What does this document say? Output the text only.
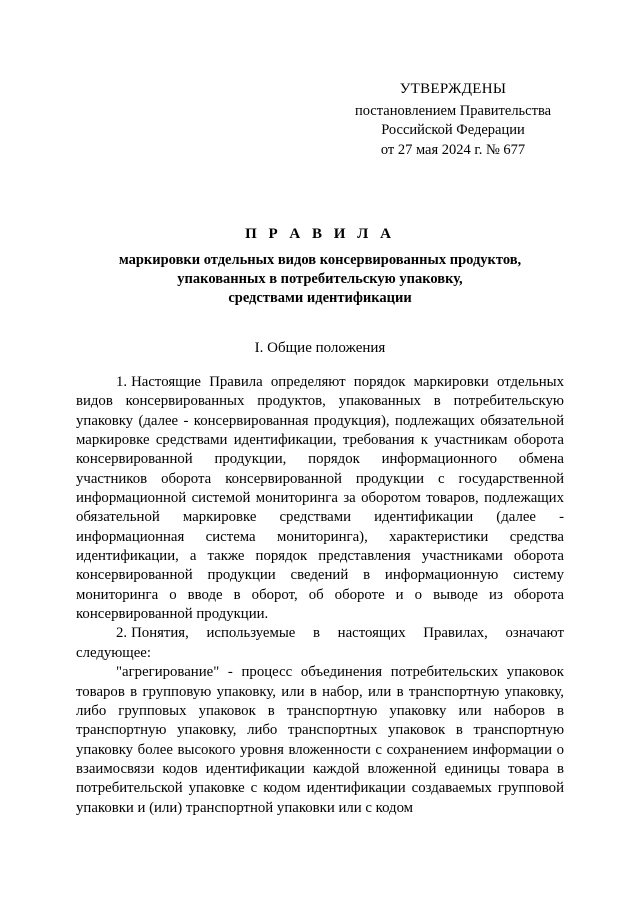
УТВЕРЖДЕНЫ
постановлением Правительства
Российской Федерации
от 27 мая 2024 г. № 677
П Р А В И Л А
маркировки отдельных видов консервированных продуктов,
упакованных в потребительскую упаковку,
средствами идентификации
I. Общие положения

1. Настоящие Правила определяют порядок маркировки отдельных видов консервированных продуктов, упакованных в потребительскую упаковку (далее - консервированная продукция), подлежащих обязательной маркировке средствами идентификации, требования к участникам оборота консервированной продукции, порядок информационного обмена участников оборота консервированной продукции с государственной информационной системой мониторинга за оборотом товаров, подлежащих обязательной маркировке средствами идентификации (далее - информационная система мониторинга), характеристики средства идентификации, а также порядок представления участниками оборота консервированной продукции сведений в информационную систему мониторинга о вводе в оборот, об обороте и о выводе из оборота консервированной продукции.

2. Понятия, используемые в настоящих Правилах, означают следующее:

"агрегирование" - процесс объединения потребительских упаковок товаров в групповую упаковку, или в набор, или в транспортную упаковку, либо групповых упаковок в транспортную упаковку или наборов в транспортную упаковку, либо транспортных упаковок в транспортную упаковку более высокого уровня вложенности с сохранением информации о взаимосвязи кодов идентификации каждой вложенной единицы товара в потребительской упаковке с кодом идентификации создаваемых групповой упаковки и (или) транспортной упаковки или с кодом
